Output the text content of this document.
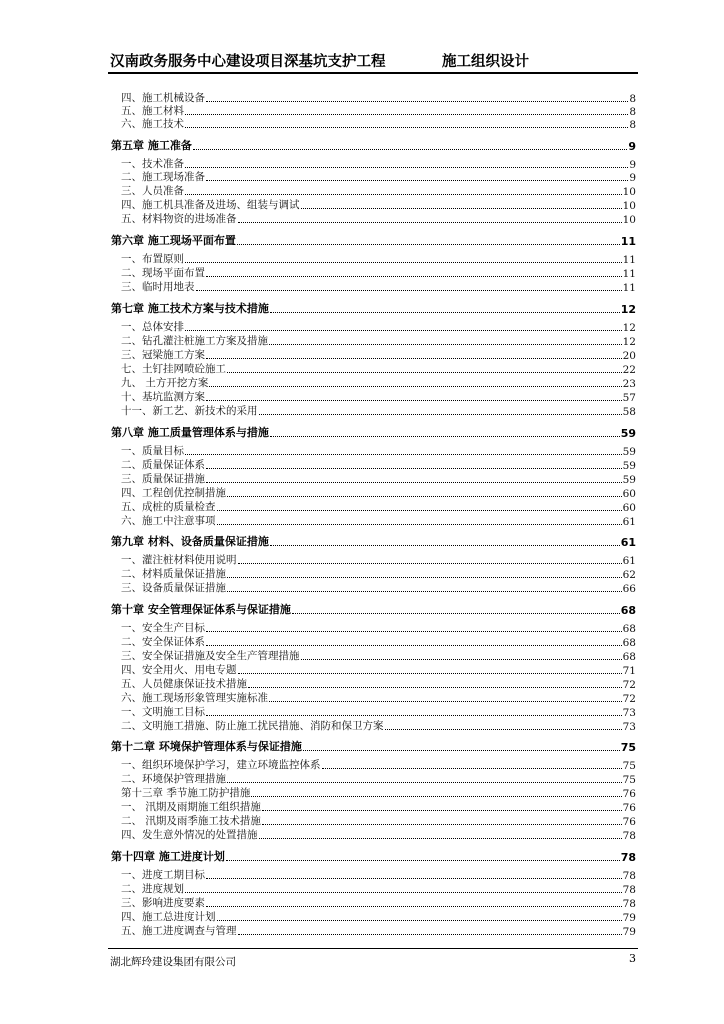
汉南政务服务中心建设项目深基坑支护工程	施工组织设计
四、施工机械设备	8
五、施工材料	8
六、施工技术	8
第五章 施工准备	9
一、技术准备	9
二、施工现场准备	9
三、人员准备	10
四、施工机具准备及进场、组装与调试	10
五、材料物资的进场准备	10
第六章 施工现场平面布置	11
一、布置原则	11
二、现场平面布置	11
三、临时用地表	11
第七章 施工技术方案与技术措施	12
一、总体安排	12
二、钻孔灌注桩施工方案及措施	12
三、冠梁施工方案	20
七、土钉挂网喷砼施工	22
九、 土方开挖方案	23
十、基坑监测方案	57
十一、新工艺、新技术的采用	58
第八章 施工质量管理体系与措施	59
一、质量目标	59
二、质量保证体系	59
三、质量保证措施	59
四、工程创优控制措施	60
五、成桩的质量检查	60
六、施工中注意事项	61
第九章 材料、设备质量保证措施	61
一、灌注桩材料使用说明	61
二、材料质量保证措施	62
三、设备质量保证措施	66
第十章 安全管理保证体系与保证措施	68
一、安全生产目标	68
二、安全保证体系	68
三、安全保证措施及安全生产管理措施	68
四、安全用火、用电专题	71
五、人员健康保证技术措施	72
六、施工现场形象管理实施标准	72
一、文明施工目标	73
二、文明施工措施、防止施工扰民措施、消防和保卫方案	73
第十二章 环境保护管理体系与保证措施	75
一、组织环境保护学习，建立环境监控体系	75
二、环境保护管理措施	75
第十三章 季节施工防护措施	76
一、 汛期及雨期施工组织措施	76
二、 汛期及雨季施工技术措施	76
四、发生意外情况的处置措施	78
第十四章 施工进度计划	78
一、进度工期目标	78
二、进度规划	78
三、影响进度要素	78
四、施工总进度计划	79
五、施工进度调查与管理	79
湖北辉玲建设集团有限公司	3
